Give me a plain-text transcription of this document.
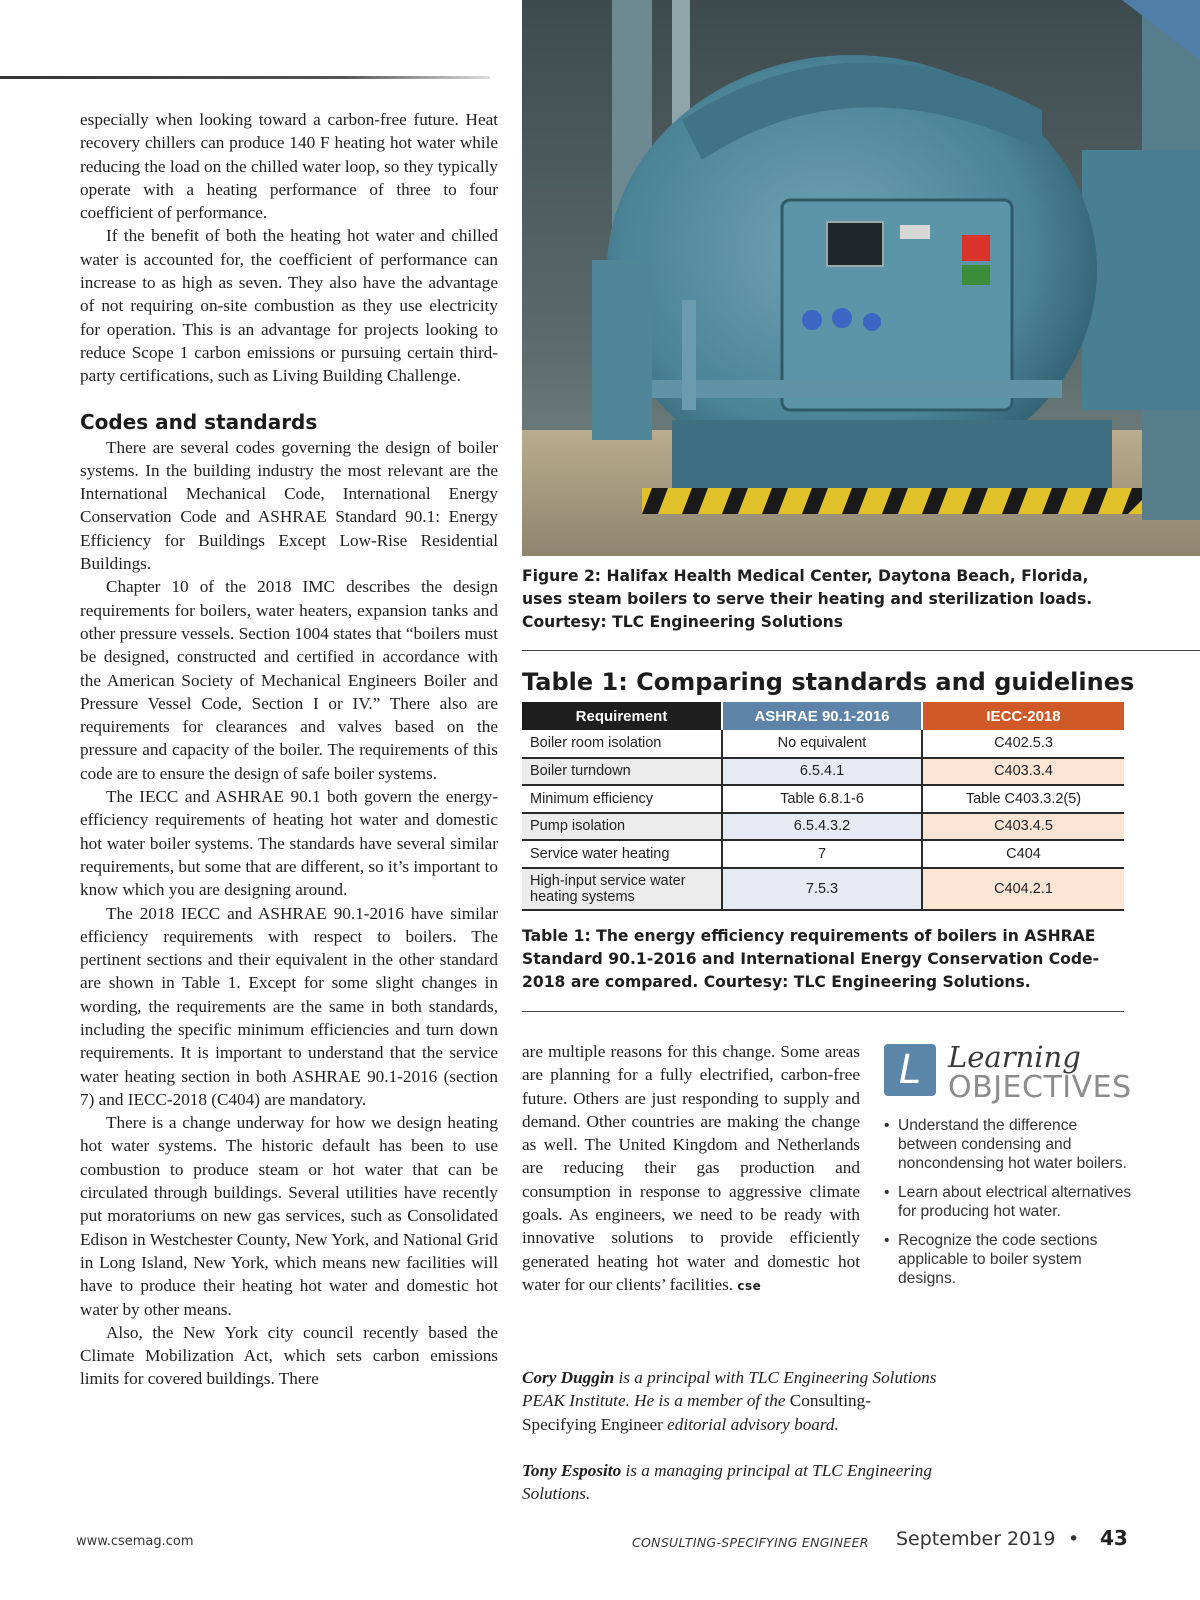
especially when looking toward a carbon-free future. Heat recovery chillers can produce 140 F heating hot water while reducing the load on the chilled water loop, so they typically operate with a heating performance of three to four coefficient of performance.

If the benefit of both the heating hot water and chilled water is accounted for, the coefficient of performance can increase to as high as seven. They also have the advantage of not requiring on-site combustion as they use electricity for operation. This is an advantage for projects looking to reduce Scope 1 carbon emissions or pursuing certain third-party certifications, such as Living Building Challenge.

Codes and standards

There are several codes governing the design of boiler systems. In the building industry the most relevant are the International Mechanical Code, International Energy Conservation Code and ASHRAE Standard 90.1: Energy Efficiency for Buildings Except Low-Rise Residential Buildings.

Chapter 10 of the 2018 IMC describes the design requirements for boilers, water heaters, expansion tanks and other pressure vessels. Section 1004 states that “boilers must be designed, constructed and certified in accordance with the American Society of Mechanical Engineers Boiler and Pressure Vessel Code, Section I or IV.” There also are requirements for clearances and valves based on the pressure and capacity of the boiler. The requirements of this code are to ensure the design of safe boiler systems.

The IECC and ASHRAE 90.1 both govern the energy-efficiency requirements of heating hot water and domestic hot water boiler systems. The standards have several similar requirements, but some that are different, so it’s important to know which you are designing around.

The 2018 IECC and ASHRAE 90.1-2016 have similar efficiency requirements with respect to boilers. The pertinent sections and their equivalent in the other standard are shown in Table 1. Except for some slight changes in wording, the requirements are the same in both standards, including the specific minimum efficiencies and turn down requirements. It is important to understand that the service water heating section in both ASHRAE 90.1-2016 (section 7) and IECC-2018 (C404) are mandatory.

There is a change underway for how we design heating hot water systems. The historic default has been to use combustion to produce steam or hot water that can be circulated through buildings. Several utilities have recently put moratoriums on new gas services, such as Consolidated Edison in Westchester County, New York, and National Grid in Long Island, New York, which means new facilities will have to produce their heating hot water and domestic hot water by other means.

Also, the New York city council recently based the Climate Mobilization Act, which sets carbon emissions limits for covered buildings. There

Figure 2: Halifax Health Medical Center, Daytona Beach, Florida, uses steam boilers to serve their heating and sterilization loads. Courtesy: TLC Engineering Solutions
Table 1: Comparing standards and guidelines
Requirement	ASHRAE 90.1-2016	IECC-2018
Boiler room isolation	No equivalent	C402.5.3
Boiler turndown	6.5.4.1	C403.3.4
Minimum efficiency	Table 6.8.1-6	Table C403.3.2(5)
Pump isolation	6.5.4.3.2	C403.4.5
Service water heating	7	C404
High-input service water heating systems	7.5.3	C404.2.1
Table 1: The energy efficiency requirements of boilers in ASHRAE Standard 90.1-2016 and International Energy Conservation Code-2018 are compared. Courtesy: TLC Engineering Solutions.

are multiple reasons for this change. Some areas are planning for a fully electrified, carbon-free future. Others are just responding to supply and demand. Other countries are making the change as well. The United Kingdom and Netherlands are reducing their gas production and consumption in response to aggressive climate goals. As engineers, we need to be ready with innovative solutions to provide efficiently generated heating hot water and domestic hot water for our clients’ facilities. cse

Cory Duggin is a principal with TLC Engineering Solutions PEAK Institute. He is a member of the Consulting-Specifying Engineer editorial advisory board.

Tony Esposito is a managing principal at TLC Engineering Solutions.

L Learning
OBJECTIVES
• Understand the difference between condensing and noncondensing hot water boilers.
• Learn about electrical alternatives for producing hot water.
• Recognize the code sections applicable to boiler system designs.
www.csemag.com	CONSULTING-SPECIFYING ENGINEER September 2019 • 43
